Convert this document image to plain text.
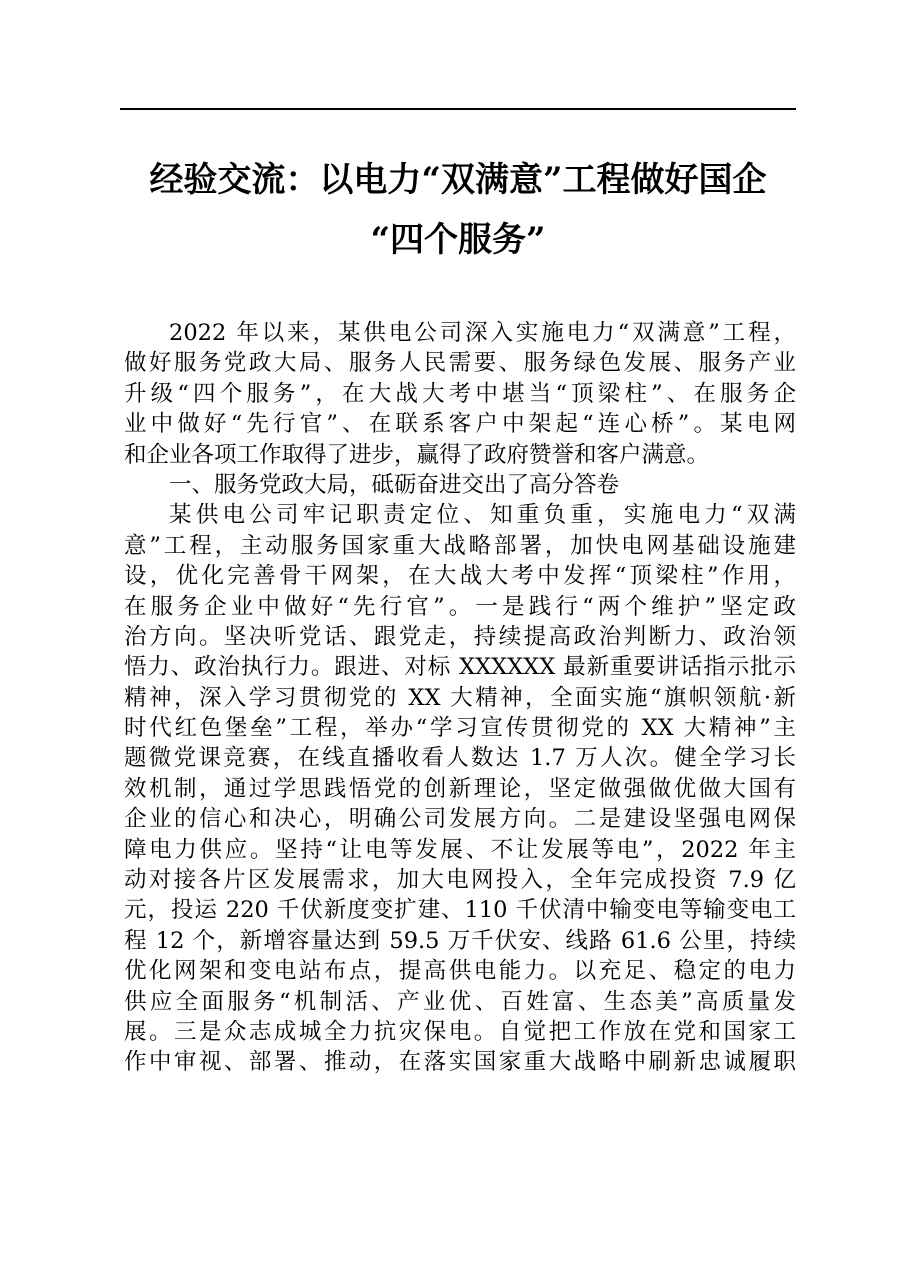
经验交流：以电力“双满意”工程做好国企
“四个服务”
2022 年以来，某供电公司深入实施电力“双满意”工程，
做好服务党政大局、服务人民需要、服务绿色发展、服务产业
升级“四个服务”，在大战大考中堪当“顶梁柱”、在服务企
业中做好“先行官”、在联系客户中架起“连心桥”。某电网
和企业各项工作取得了进步，赢得了政府赞誉和客户满意。
一、服务党政大局，砥砺奋进交出了高分答卷
某供电公司牢记职责定位、知重负重，实施电力“双满
意”工程，主动服务国家重大战略部署，加快电网基础设施建
设，优化完善骨干网架，在大战大考中发挥“顶梁柱”作用，
在服务企业中做好“先行官”。一是践行“两个维护”坚定政
治方向。坚决听党话、跟党走，持续提高政治判断力、政治领
悟力、政治执行力。跟进、对标 XXXXXX 最新重要讲话指示批示
精神，深入学习贯彻党的 XX 大精神，全面实施“旗帜领航·新
时代红色堡垒”工程，举办“学习宣传贯彻党的 XX 大精神”主
题微党课竞赛，在线直播收看人数达 1.7 万人次。健全学习长
效机制，通过学思践悟党的创新理论，坚定做强做优做大国有
企业的信心和决心，明确公司发展方向。二是建设坚强电网保
障电力供应。坚持“让电等发展、不让发展等电”，2022 年主
动对接各片区发展需求，加大电网投入，全年完成投资 7.9 亿
元，投运 220 千伏新度变扩建、110 千伏清中输变电等输变电工
程 12 个，新增容量达到 59.5 万千伏安、线路 61.6 公里，持续
优化网架和变电站布点，提高供电能力。以充足、稳定的电力
供应全面服务“机制活、产业优、百姓富、生态美”高质量发
展。三是众志成城全力抗灾保电。自觉把工作放在党和国家工
作中审视、部署、推动，在落实国家重大战略中刷新忠诚履职
